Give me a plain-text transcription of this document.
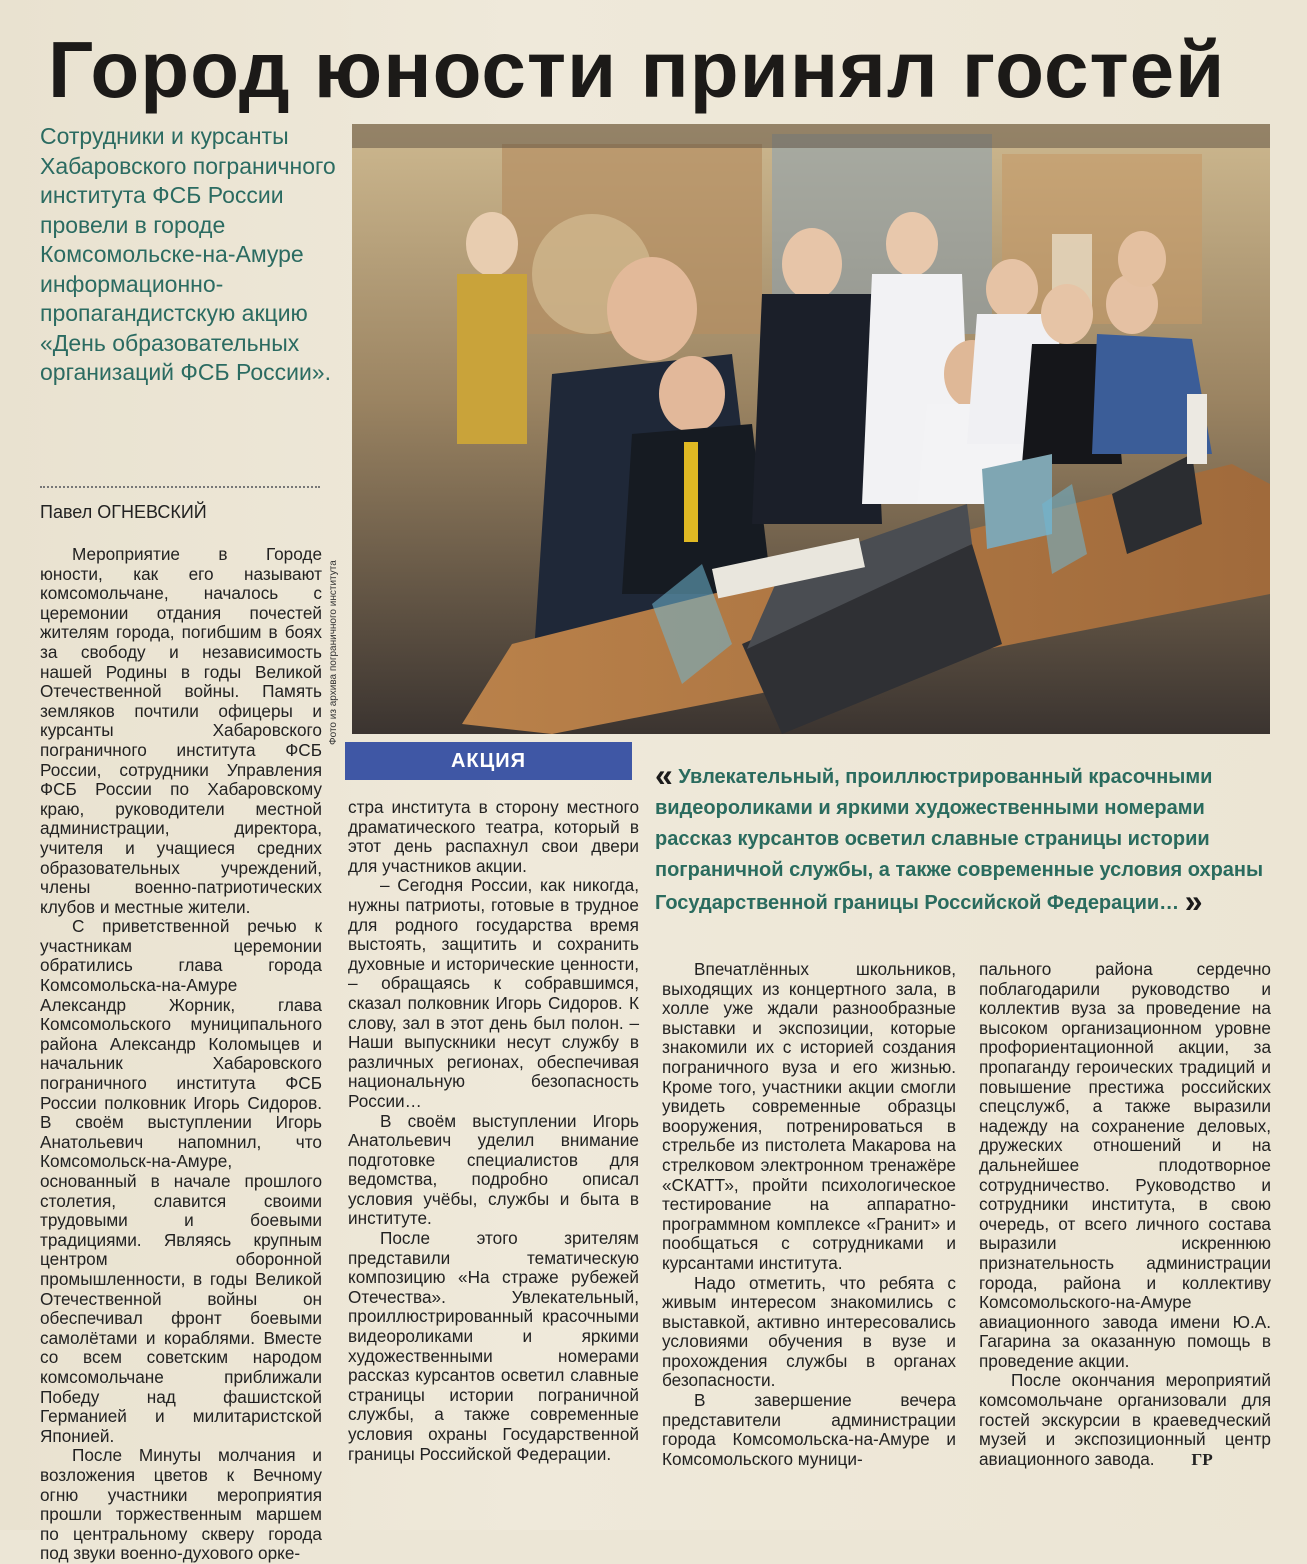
Город юности принял гостей
Сотрудники и курсанты Хабаровского пограничного института ФСБ России провели в городе Комсомольске-на-Амуре информационно-пропагандистскую акцию «День образовательных организаций ФСБ России».
Павел ОГНЕВСКИЙ
Фото из архива пограничного института
АКЦИЯ	« Увлекательный, проиллюстрированный красочными видеороликами и яркими художественными номерами рассказ курсантов осветил славные страницы истории пограничной службы, а также современные условия охраны Государственной границы Российской Федерации… »

Мероприятие в Городе юности, как его называют комсомольчане, началось с церемонии отдания почестей жителям города, погибшим в боях за свободу и независимость нашей Родины в годы Великой Отечественной войны. Память земляков почтили офицеры и курсанты Хабаровского пограничного института ФСБ России, сотрудники Управления ФСБ России по Хабаровскому краю, руководители местной администрации, директора, учителя и учащиеся средних образовательных учреждений, члены военно-патриотических клубов и местные жители.

С приветственной речью к участникам церемонии обратились глава города Комсомольска-на-Амуре Александр Жорник, глава Комсомольского муниципального района Александр Коломыцев и начальник Хабаровского пограничного института ФСБ России полковник Игорь Сидоров. В своём выступлении Игорь Анатольевич напомнил, что Комсомольск-на-Амуре, основанный в начале прошлого столетия, славится своими трудовыми и боевыми традициями. Являясь крупным центром оборонной промышленности, в годы Великой Отечественной войны он обеспечивал фронт боевыми самолётами и кораблями. Вместе со всем советским народом комсомольчане приближали Победу над фашистской Германией и милитаристской Японией.

После Минуты молчания и возложения цветов к Вечному огню участники мероприятия прошли торжественным маршем по центральному скверу города под звуки военно-духового орке-

стра института в сторону местного драматического театра, который в этот день распахнул свои двери для участников акции.

– Сегодня России, как никогда, нужны патриоты, готовые в трудное для родного государства время выстоять, защитить и сохранить духовные и исторические ценности, – обращаясь к собравшимся, сказал полковник Игорь Сидоров. К слову, зал в этот день был полон. – Наши выпускники несут службу в различных регионах, обеспечивая национальную безопасность России…

В своём выступлении Игорь Анатольевич уделил внимание подготовке специалистов для ведомства, подробно описал условия учёбы, службы и быта в институте.

После этого зрителям представили тематическую композицию «На страже рубежей Отечества». Увлекательный, проиллюстрированный красочными видеороликами и яркими художественными номерами рассказ курсантов осветил славные страницы истории пограничной службы, а также современные условия охраны Государственной границы Российской Федерации.

Впечатлённых школьников, выходящих из концертного зала, в холле уже ждали разнообразные выставки и экспозиции, которые знакомили их с историей создания пограничного вуза и его жизнью. Кроме того, участники акции смогли увидеть современные образцы вооружения, потренироваться в стрельбе из пистолета Макарова на стрелковом электронном тренажёре «СКАТТ», пройти психологическое тестирование на аппаратно-программном комплексе «Гранит» и пообщаться с сотрудниками и курсантами института.

Надо отметить, что ребята с живым интересом знакомились с выставкой, активно интересовались условиями обучения в вузе и прохождения службы в органах безопасности.

В завершение вечера представители администрации города Комсомольска-на-Амуре и Комсомольского муници-

пального района сердечно поблагодарили руководство и коллектив вуза за проведение на высоком организационном уровне профориентационной акции, за пропаганду героических традиций и повышение престижа российских спецслужб, а также выразили надежду на сохранение деловых, дружеских отношений и на дальнейшее плодотворное сотрудничество. Руководство и сотрудники института, в свою очередь, от всего личного состава выразили искреннюю признательность администрации города, района и коллективу Комсомольского-на-Амуре авиационного завода имени Ю.А. Гагарина за оказанную помощь в проведение акции.

После окончания мероприятий комсомольчане организовали для гостей экскурсии в краеведческий музей и экспозиционный центр авиационного завода. ГР
